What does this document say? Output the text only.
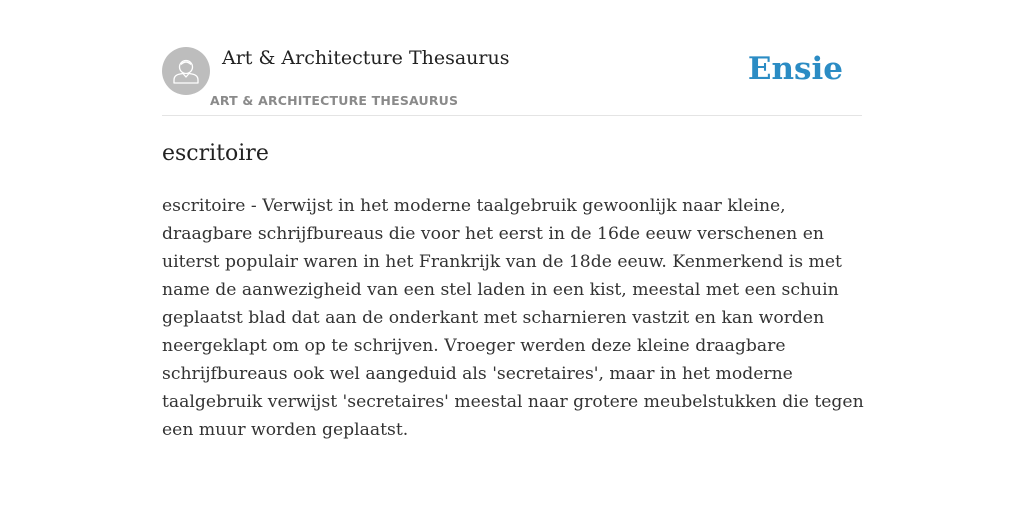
Art & Architecture Thesaurus
ART & ARCHITECTURE THESAURUS
Ensie
escritoire

escritoire - Verwijst in het moderne taalgebruik gewoonlijk naar kleine, draagbare schrijfbureaus die voor het eerst in de 16de eeuw verschenen en uiterst populair waren in het Frankrijk van de 18de eeuw. Kenmerkend is met name de aanwezigheid van een stel laden in een kist, meestal met een schuin geplaatst blad dat aan de onderkant met scharnieren vastzit en kan worden neergeklapt om op te schrijven. Vroeger werden deze kleine draagbare schrijfbureaus ook wel aangeduid als 'secretaires', maar in het moderne taalgebruik verwijst 'secretaires' meestal naar grotere meubelstukken die tegen een muur worden geplaatst.
